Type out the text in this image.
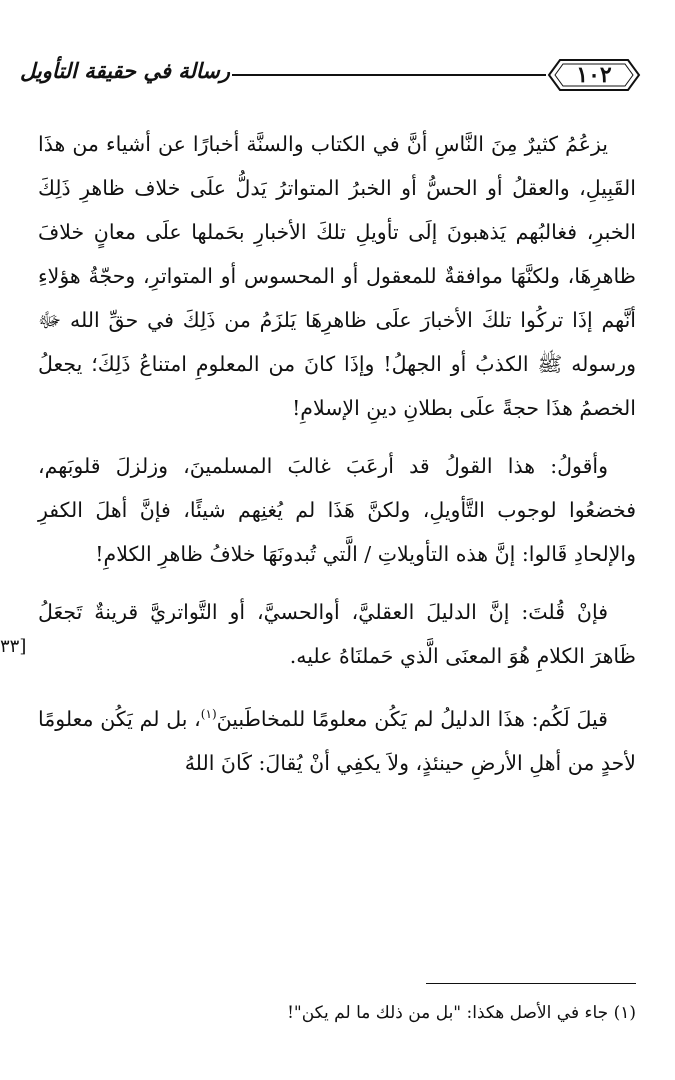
١٠٢
رسالة في حقيقة التأويل
[٣٣

يزعُمُ كثيرٌ مِنَ النَّاسِ أنَّ في الكتاب والسنَّة أخبارًا عن أشياء من هذَا القَبِيلِ، والعقلُ أو الحسُّ أو الخبرُ المتواترُ يَدلُّ علَى خلاف ظاهرِ ذَلِكَ الخبرِ، فغالبُهم يَذهبونَ إلَى تأويلِ تلكَ الأخبارِ بحَملها علَى معانٍ خلافَ ظاهرِهَا، ولكنَّهَا موافقةٌ للمعقول أو المحسوس أو المتواترِ، وحجّةُ هؤلاءِ أنَّهم إذَا تركُوا تلكَ الأخبارَ علَى ظاهرِهَا يَلزَمُ من ذَلِكَ في حقِّ الله ﷻ ورسوله ﷺ الكذبُ أو الجهلُ! وإذَا كانَ من المعلومِ امتناعُ ذَلِكَ؛ يجعلُ الخصمُ هذَا حجةً علَى بطلانِ دينِ الإسلامِ!

وأقولُ: هذا القولُ قد أرعَبَ غالبَ المسلمينَ، وزلزلَ قلوبَهم، فخضعُوا لوجوب التَّأويلِ، ولكنَّ هَذَا لم يُغنِهم شيئًا، فإنَّ أهلَ الكفرِ والإلحادِ قَالوا: إنَّ هذه التأويلاتِ / الَّتي تُبدونَهَا خلافُ ظاهرِ الكلامِ!

فإنْ قُلتَ: إنَّ الدليلَ العقليَّ، أوالحسيَّ، أو التَّواتريَّ قرينةٌ تَجعَلُ ظَاهرَ الكلامِ هُوَ المعنَى الَّذي حَملنَاهُ عليه.

قيلَ لَكُم: هذَا الدليلُ لم يَكُن معلومًا للمخاطَبينَ$^{(١)}$، بل لم يَكُن معلومًا لأحدٍ من أهلِ الأرضِ حينئذٍ، ولاَ يكفِي أنْ يُقالَ: كَانَ اللهُ

(١) جاء في الأصل هكذا: "بل من ذلك ما لم يكن"!
